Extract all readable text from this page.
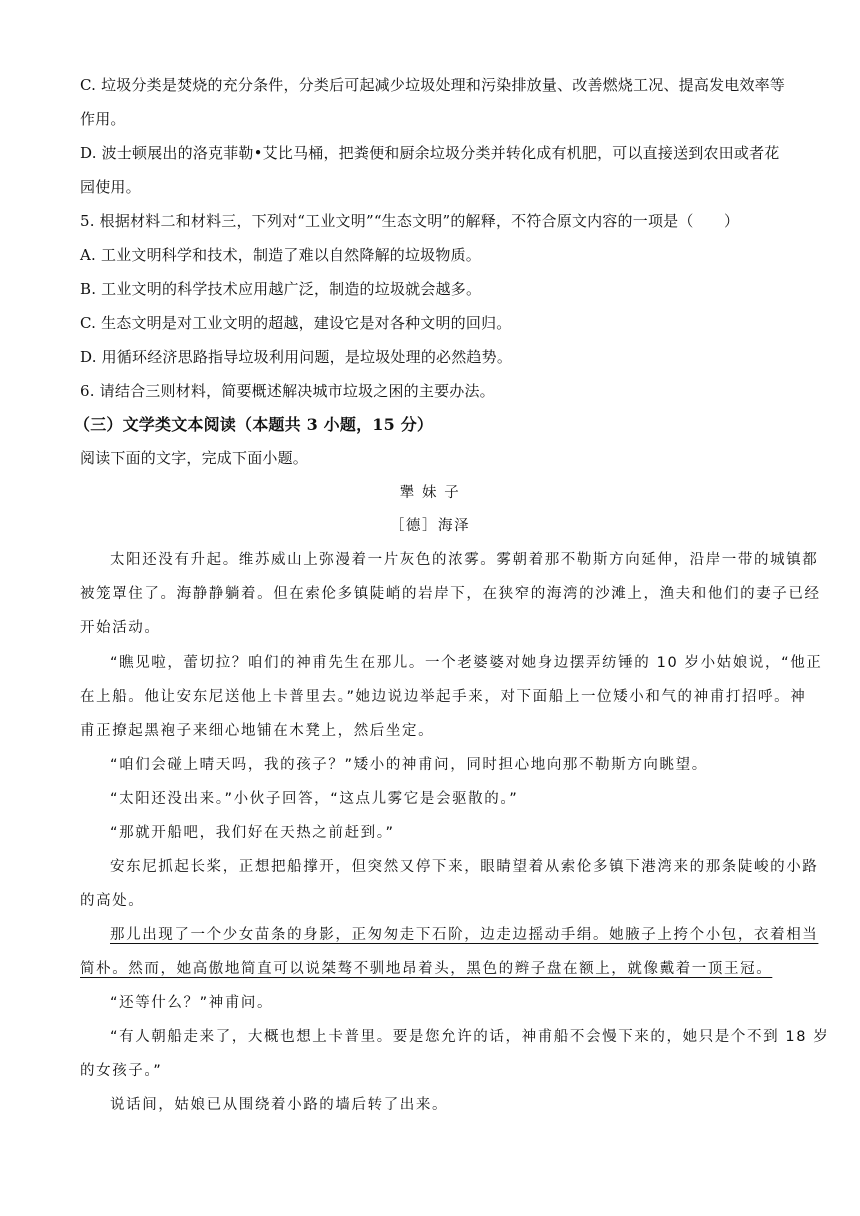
C. 垃圾分类是焚烧的充分条件，分类后可起减少垃圾处理和污染排放量、改善燃烧工况、提高发电效率等
作用。
D. 波士顿展出的洛克菲勒•艾比马桶，把粪便和厨余垃圾分类并转化成有机肥，可以直接送到农田或者花
园使用。
5. 根据材料二和材料三，下列对“工业文明”“生态文明”的解释，不符合原文内容的一项是（　　）
A. 工业文明科学和技术，制造了难以自然降解的垃圾物质。
B. 工业文明的科学技术应用越广泛，制造的垃圾就会越多。
C. 生态文明是对工业文明的超越，建设它是对各种文明的回归。
D. 用循环经济思路指导垃圾利用问题，是垃圾处理的必然趋势。
6. 请结合三则材料，简要概述解决城市垃圾之困的主要办法。
（三）文学类文本阅读（本题共 3 小题，15 分）
阅读下面的文字，完成下面小题。
犟 妹 子
［德］海泽
太阳还没有升起。维苏威山上弥漫着一片灰色的浓雾。雾朝着那不勒斯方向延伸，沿岸一带的城镇都
被笼罩住了。海静静躺着。但在索伦多镇陡峭的岩岸下，在狭窄的海湾的沙滩上，渔夫和他们的妻子已经
开始活动。
“瞧见啦，蕾切拉？咱们的神甫先生在那儿。一个老婆婆对她身边摆弄纺锤的 10 岁小姑娘说，“他正
在上船。他让安东尼送他上卡普里去。”她边说边举起手来，对下面船上一位矮小和气的神甫打招呼。神
甫正撩起黑袍子来细心地铺在木凳上，然后坐定。
“咱们会碰上晴天吗，我的孩子？”矮小的神甫问，同时担心地向那不勒斯方向眺望。
“太阳还没出来。”小伙子回答，“这点儿雾它是会驱散的。”
“那就开船吧，我们好在天热之前赶到。”
安东尼抓起长桨，正想把船撑开，但突然又停下来，眼睛望着从索伦多镇下港湾来的那条陡峻的小路
的高处。
那儿出现了一个少女苗条的身影，正匆匆走下石阶，边走边摇动手绢。她腋子上挎个小包，衣着相当
简朴。然而，她高傲地简直可以说桀骜不驯地昂着头，黑色的辫子盘在额上，就像戴着一顶王冠。
“还等什么？”神甫问。
“有人朝船走来了，大概也想上卡普里。要是您允许的话，神甫船不会慢下来的，她只是个不到 18 岁
的女孩子。”
说话间，姑娘已从围绕着小路的墙后转了出来。
